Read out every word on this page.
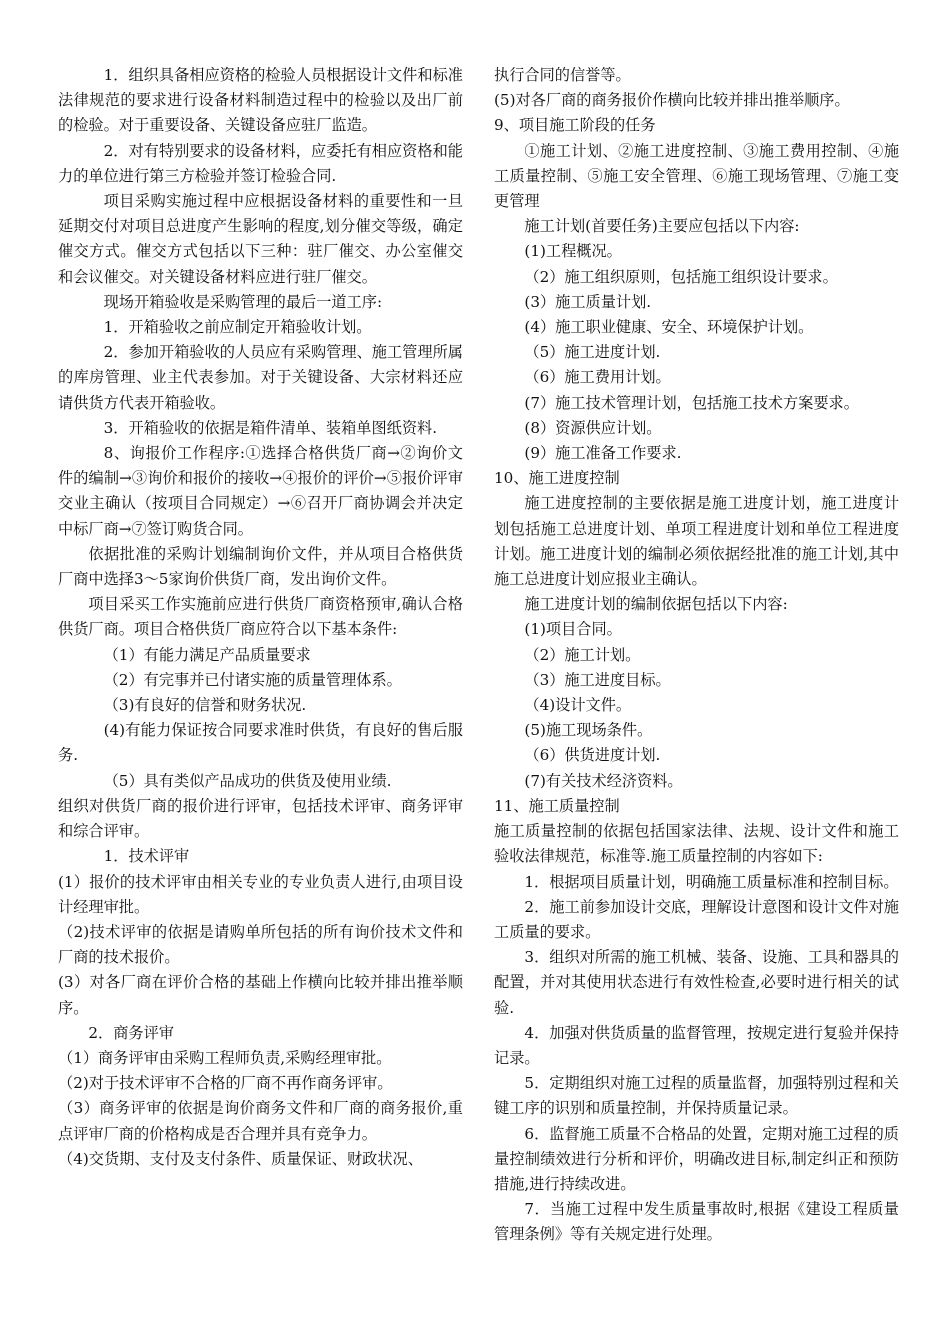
1．组织具备相应资格的检验人员根据设计文件和标准法律规范的要求进行设备材料制造过程中的检验以及出厂前的检验。对于重要设备、关键设备应驻厂监造。

2．对有特别要求的设备材料，应委托有相应资格和能力的单位进行第三方检验并签订检验合同.

项目采购实施过程中应根据设备材料的重要性和一旦延期交付对项目总进度产生影响的程度,划分催交等级，确定催交方式。催交方式包括以下三种：驻厂催交、办公室催交和会议催交。对关键设备材料应进行驻厂催交。

现场开箱验收是采购管理的最后一道工序:

1．开箱验收之前应制定开箱验收计划。

2．参加开箱验收的人员应有采购管理、施工管理所属的库房管理、业主代表参加。对于关键设备、大宗材料还应请供货方代表开箱验收。

3．开箱验收的依据是箱件清单、装箱单图纸资料.

8、询报价工作程序:①选择合格供货厂商→②询价文件的编制→③询价和报价的接收→④报价的评价→⑤报价评审交业主确认（按项目合同规定）→⑥召开厂商协调会并决定中标厂商→⑦签订购货合同。

依据批准的采购计划编制询价文件，并从项目合格供货厂商中选择3～5家询价供货厂商，发出询价文件。

项目采买工作实施前应进行供货厂商资格预审,确认合格供货厂商。项目合格供货厂商应符合以下基本条件:

（1）有能力满足产品质量要求

（2）有完事并已付诸实施的质量管理体系。

（3)有良好的信誉和财务状况.

(4)有能力保证按合同要求准时供货，有良好的售后服务.

（5）具有类似产品成功的供货及使用业绩.

组织对供货厂商的报价进行评审，包括技术评审、商务评审和综合评审。

1．技术评审

(1）报价的技术评审由相关专业的专业负责人进行,由项目设计经理审批。

（2)技术评审的依据是请购单所包括的所有询价技术文件和厂商的技术报价。

(3）对各厂商在评价合格的基础上作横向比较并排出推举顺序。

2．商务评审

（1）商务评审由采购工程师负责,采购经理审批。

（2)对于技术评审不合格的厂商不再作商务评审。

（3）商务评审的依据是询价商务文件和厂商的商务报价,重点评审厂商的价格构成是否合理并具有竞争力。

（4)交货期、支付及支付条件、质量保证、财政状况、

执行合同的信誉等。

(5)对各厂商的商务报价作横向比较并排出推举顺序。

9、项目施工阶段的任务

①施工计划、②施工进度控制、③施工费用控制、④施工质量控制、⑤施工安全管理、⑥施工现场管理、⑦施工变更管理

施工计划(首要任务)主要应包括以下内容:

(1)工程概况。

（2）施工组织原则，包括施工组织设计要求。

(3）施工质量计划.

(4）施工职业健康、安全、环境保护计划。

（5）施工进度计划.

（6）施工费用计划。

(7）施工技术管理计划，包括施工技术方案要求。

(8）资源供应计划。

(9）施工准备工作要求.

10、施工进度控制

施工进度控制的主要依据是施工进度计划，施工进度计划包括施工总进度计划、单项工程进度计划和单位工程进度计划。施工进度计划的编制必须依据经批准的施工计划,其中施工总进度计划应报业主确认。

施工进度计划的编制依据包括以下内容:

(1)项目合同。

（2）施工计划。

（3）施工进度目标。

（4)设计文件。

(5)施工现场条件。

（6）供货进度计划.

(7)有关技术经济资料。

11、施工质量控制

施工质量控制的依据包括国家法律、法规、设计文件和施工验收法律规范，标准等.施工质量控制的内容如下:

1．根据项目质量计划，明确施工质量标准和控制目标。

2．施工前参加设计交底，理解设计意图和设计文件对施工质量的要求。

3．组织对所需的施工机械、装备、设施、工具和器具的配置，并对其使用状态进行有效性检查,必要时进行相关的试验.

4．加强对供货质量的监督管理，按规定进行复验并保持记录。

5．定期组织对施工过程的质量监督，加强特别过程和关键工序的识别和质量控制，并保持质量记录。

6．监督施工质量不合格品的处置，定期对施工过程的质量控制绩效进行分析和评价，明确改进目标,制定纠正和预防措施,进行持续改进。

7．当施工过程中发生质量事故时,根据《建设工程质量管理条例》等有关规定进行处理。
